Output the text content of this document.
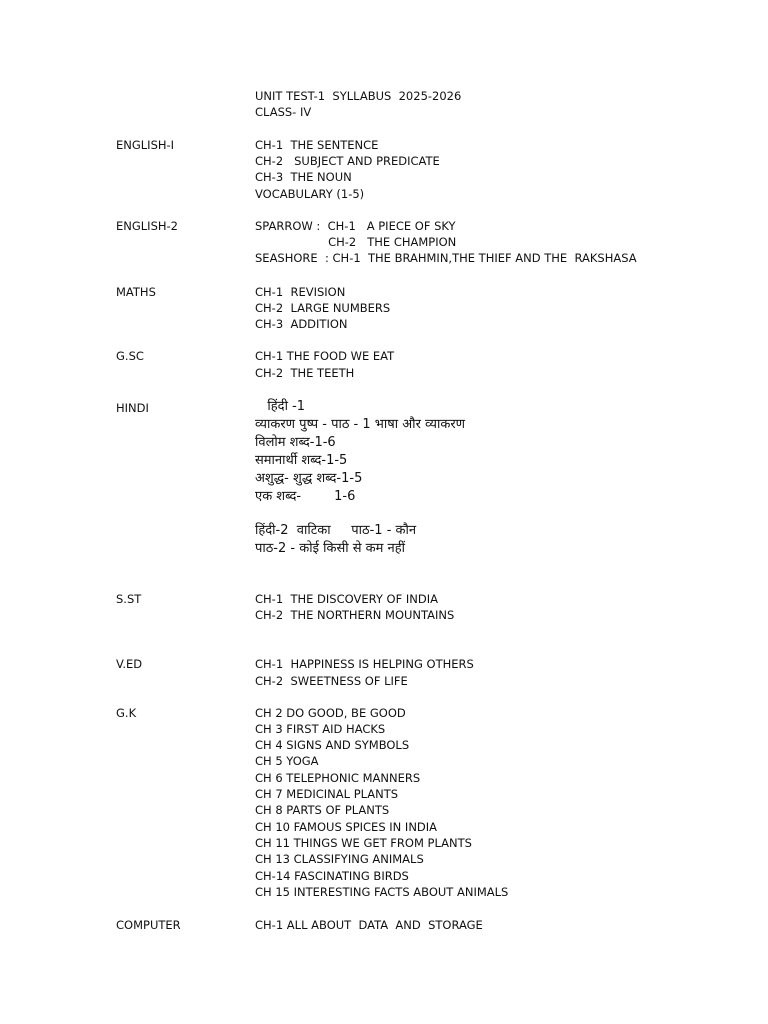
UNIT TEST-1  SYLLABUS  2025-2026
CLASS- IV
ENGLISH-I	CH-1  THE SENTENCE
CH-2   SUBJECT AND PREDICATE
CH-3  THE NOUN
VOCABULARY (1-5)
ENGLISH-2	SPARROW :  CH-1   A PIECE OF SKY
CH-2   THE CHAMPION
SEASHORE  : CH-1  THE BRAHMIN,THE THIEF AND THE  RAKSHASA
MATHS	CH-1  REVISION
CH-2  LARGE NUMBERS
CH-3  ADDITION
G.SC	CH-1 THE FOOD WE EAT
CH-2  THE TEETH
HINDI	हिंदी -1
व्याकरण पुष्प - पाठ - 1 भाषा और व्याकरण
विलोम शब्द-1-6
समानार्थी शब्द-1-5
अशुद्ध- शुद्ध शब्द-1-5
एक शब्द-        1-6
हिंदी-2  वाटिका     पाठ-1 - कौन
पाठ-2 - कोई किसी से कम नहीं
S.ST	CH-1  THE DISCOVERY OF INDIA
CH-2  THE NORTHERN MOUNTAINS
V.ED	CH-1  HAPPINESS IS HELPING OTHERS
CH-2  SWEETNESS OF LIFE
G.K	CH 2 DO GOOD, BE GOOD
CH 3 FIRST AID HACKS
CH 4 SIGNS AND SYMBOLS
CH 5 YOGA
CH 6 TELEPHONIC MANNERS
CH 7 MEDICINAL PLANTS
CH 8 PARTS OF PLANTS
CH 10 FAMOUS SPICES IN INDIA
CH 11 THINGS WE GET FROM PLANTS
CH 13 CLASSIFYING ANIMALS
CH-14 FASCINATING BIRDS
CH 15 INTERESTING FACTS ABOUT ANIMALS
COMPUTER	CH-1 ALL ABOUT  DATA  AND  STORAGE
